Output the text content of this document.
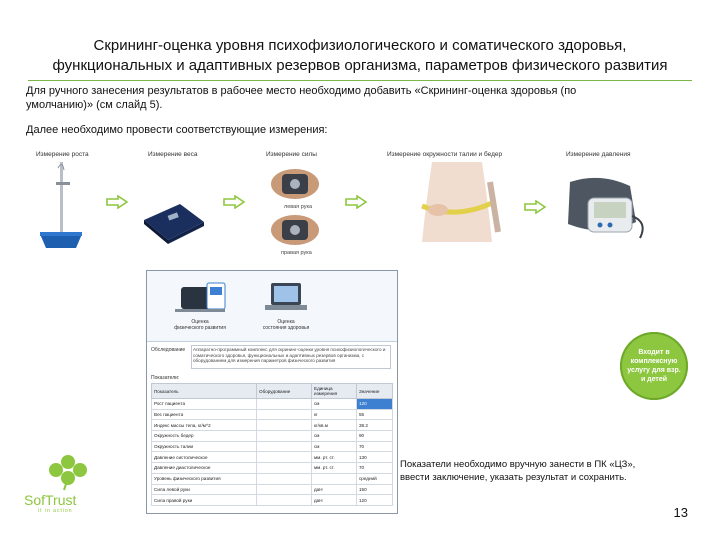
Скрининг-оценка уровня психофизиологического и соматического здоровья,
функциональных и адаптивных резервов организма, параметров физического развития
Для ручного занесения результатов в рабочее место необходимо добавить «Скрининг-оценка здоровья (по
умолчанию)» (см слайд 5).
Далее необходимо провести соответствующие измерения:
Измерение роста	Измерение веса	Измерение силы	Измерение окружности талии и бедер	Измерение давления
левая рука
правая рука
Оценка
физического развития
Оценка
состояния здоровья
Обследование	Аппаратно-программный комплекс для скрининг-оценки уровня психофизиологического и соматического здоровья, функциональных и адаптивных резервов организма, с оборудованием для измерения параметров физического развития
Показатели:
Показатель	Оборудование	Единица измерения	Значение
Рост пациента		см	120
Вес пациента		кг	55
Индекс массы тела, кг/м^2		кг/кв.м	38.2
Окружность бедер		см	90
Окружность талии		см	70
Давление систолическое		мм. рт. ст.	130
Давление диастолическое		мм. рт. ст.	70
Уровень физического развития			средний
Сила левой руки		даН	150
Сила правой руки		даН	120
Входит в комплексную услугу для взр. и детей
Показатели необходимо вручную занести в ПК «ЦЗ»,
ввести заключение, указать результат и сохранить.
SofTrust
it in action	13
